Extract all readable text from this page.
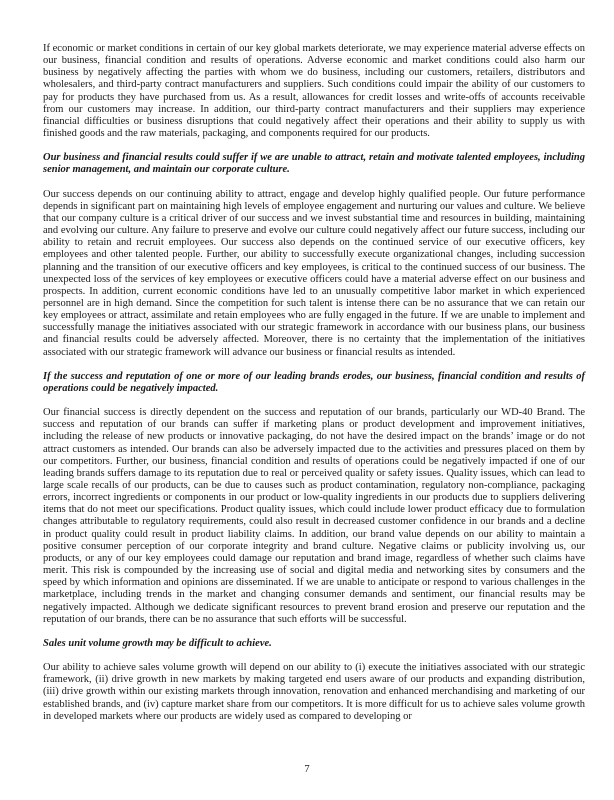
If economic or market conditions in certain of our key global markets deteriorate, we may experience material adverse effects on our business, financial condition and results of operations. Adverse economic and market conditions could also harm our business by negatively affecting the parties with whom we do business, including our customers, retailers, distributors and wholesalers, and third-party contract manufacturers and suppliers. Such conditions could impair the ability of our customers to pay for products they have purchased from us. As a result, allowances for credit losses and write-offs of accounts receivable from our customers may increase. In addition, our third-party contract manufacturers and their suppliers may experience financial difficulties or business disruptions that could negatively affect their operations and their ability to supply us with finished goods and the raw materials, packaging, and components required for our products.

Our business and financial results could suffer if we are unable to attract, retain and motivate talented employees, including senior management, and maintain our corporate culture.

Our success depends on our continuing ability to attract, engage and develop highly qualified people. Our future performance depends in significant part on maintaining high levels of employee engagement and nurturing our values and culture. We believe that our company culture is a critical driver of our success and we invest substantial time and resources in building, maintaining and evolving our culture. Any failure to preserve and evolve our culture could negatively affect our future success, including our ability to retain and recruit employees. Our success also depends on the continued service of our executive officers, key employees and other talented people. Further, our ability to successfully execute organizational changes, including succession planning and the transition of our executive officers and key employees, is critical to the continued success of our business. The unexpected loss of the services of key employees or executive officers could have a material adverse effect on our business and prospects. In addition, current economic conditions have led to an unusually competitive labor market in which experienced personnel are in high demand. Since the competition for such talent is intense there can be no assurance that we can retain our key employees or attract, assimilate and retain employees who are fully engaged in the future. If we are unable to implement and successfully manage the initiatives associated with our strategic framework in accordance with our business plans, our business and financial results could be adversely affected. Moreover, there is no certainty that the implementation of the initiatives associated with our strategic framework will advance our business or financial results as intended.

If the success and reputation of one or more of our leading brands erodes, our business, financial condition and results of operations could be negatively impacted.

Our financial success is directly dependent on the success and reputation of our brands, particularly our WD-40 Brand. The success and reputation of our brands can suffer if marketing plans or product development and improvement initiatives, including the release of new products or innovative packaging, do not have the desired impact on the brands’ image or do not attract customers as intended. Our brands can also be adversely impacted due to the activities and pressures placed on them by our competitors. Further, our business, financial condition and results of operations could be negatively impacted if one of our leading brands suffers damage to its reputation due to real or perceived quality or safety issues. Quality issues, which can lead to large scale recalls of our products, can be due to causes such as product contamination, regulatory non-compliance, packaging errors, incorrect ingredients or components in our product or low-quality ingredients in our products due to suppliers delivering items that do not meet our specifications. Product quality issues, which could include lower product efficacy due to formulation changes attributable to regulatory requirements, could also result in decreased customer confidence in our brands and a decline in product quality could result in product liability claims. In addition, our brand value depends on our ability to maintain a positive consumer perception of our corporate integrity and brand culture. Negative claims or publicity involving us, our products, or any of our key employees could damage our reputation and brand image, regardless of whether such claims have merit. This risk is compounded by the increasing use of social and digital media and networking sites by consumers and the speed by which information and opinions are disseminated. If we are unable to anticipate or respond to various challenges in the marketplace, including trends in the market and changing consumer demands and sentiment, our financial results may be negatively impacted. Although we dedicate significant resources to prevent brand erosion and preserve our reputation and the reputation of our brands, there can be no assurance that such efforts will be successful.

Sales unit volume growth may be difficult to achieve.

Our ability to achieve sales volume growth will depend on our ability to (i) execute the initiatives associated with our strategic framework, (ii) drive growth in new markets by making targeted end users aware of our products and expanding distribution, (iii) drive growth within our existing markets through innovation, renovation and enhanced merchandising and marketing of our established brands, and (iv) capture market share from our competitors. It is more difficult for us to achieve sales volume growth in developed markets where our products are widely used as compared to developing or

7
